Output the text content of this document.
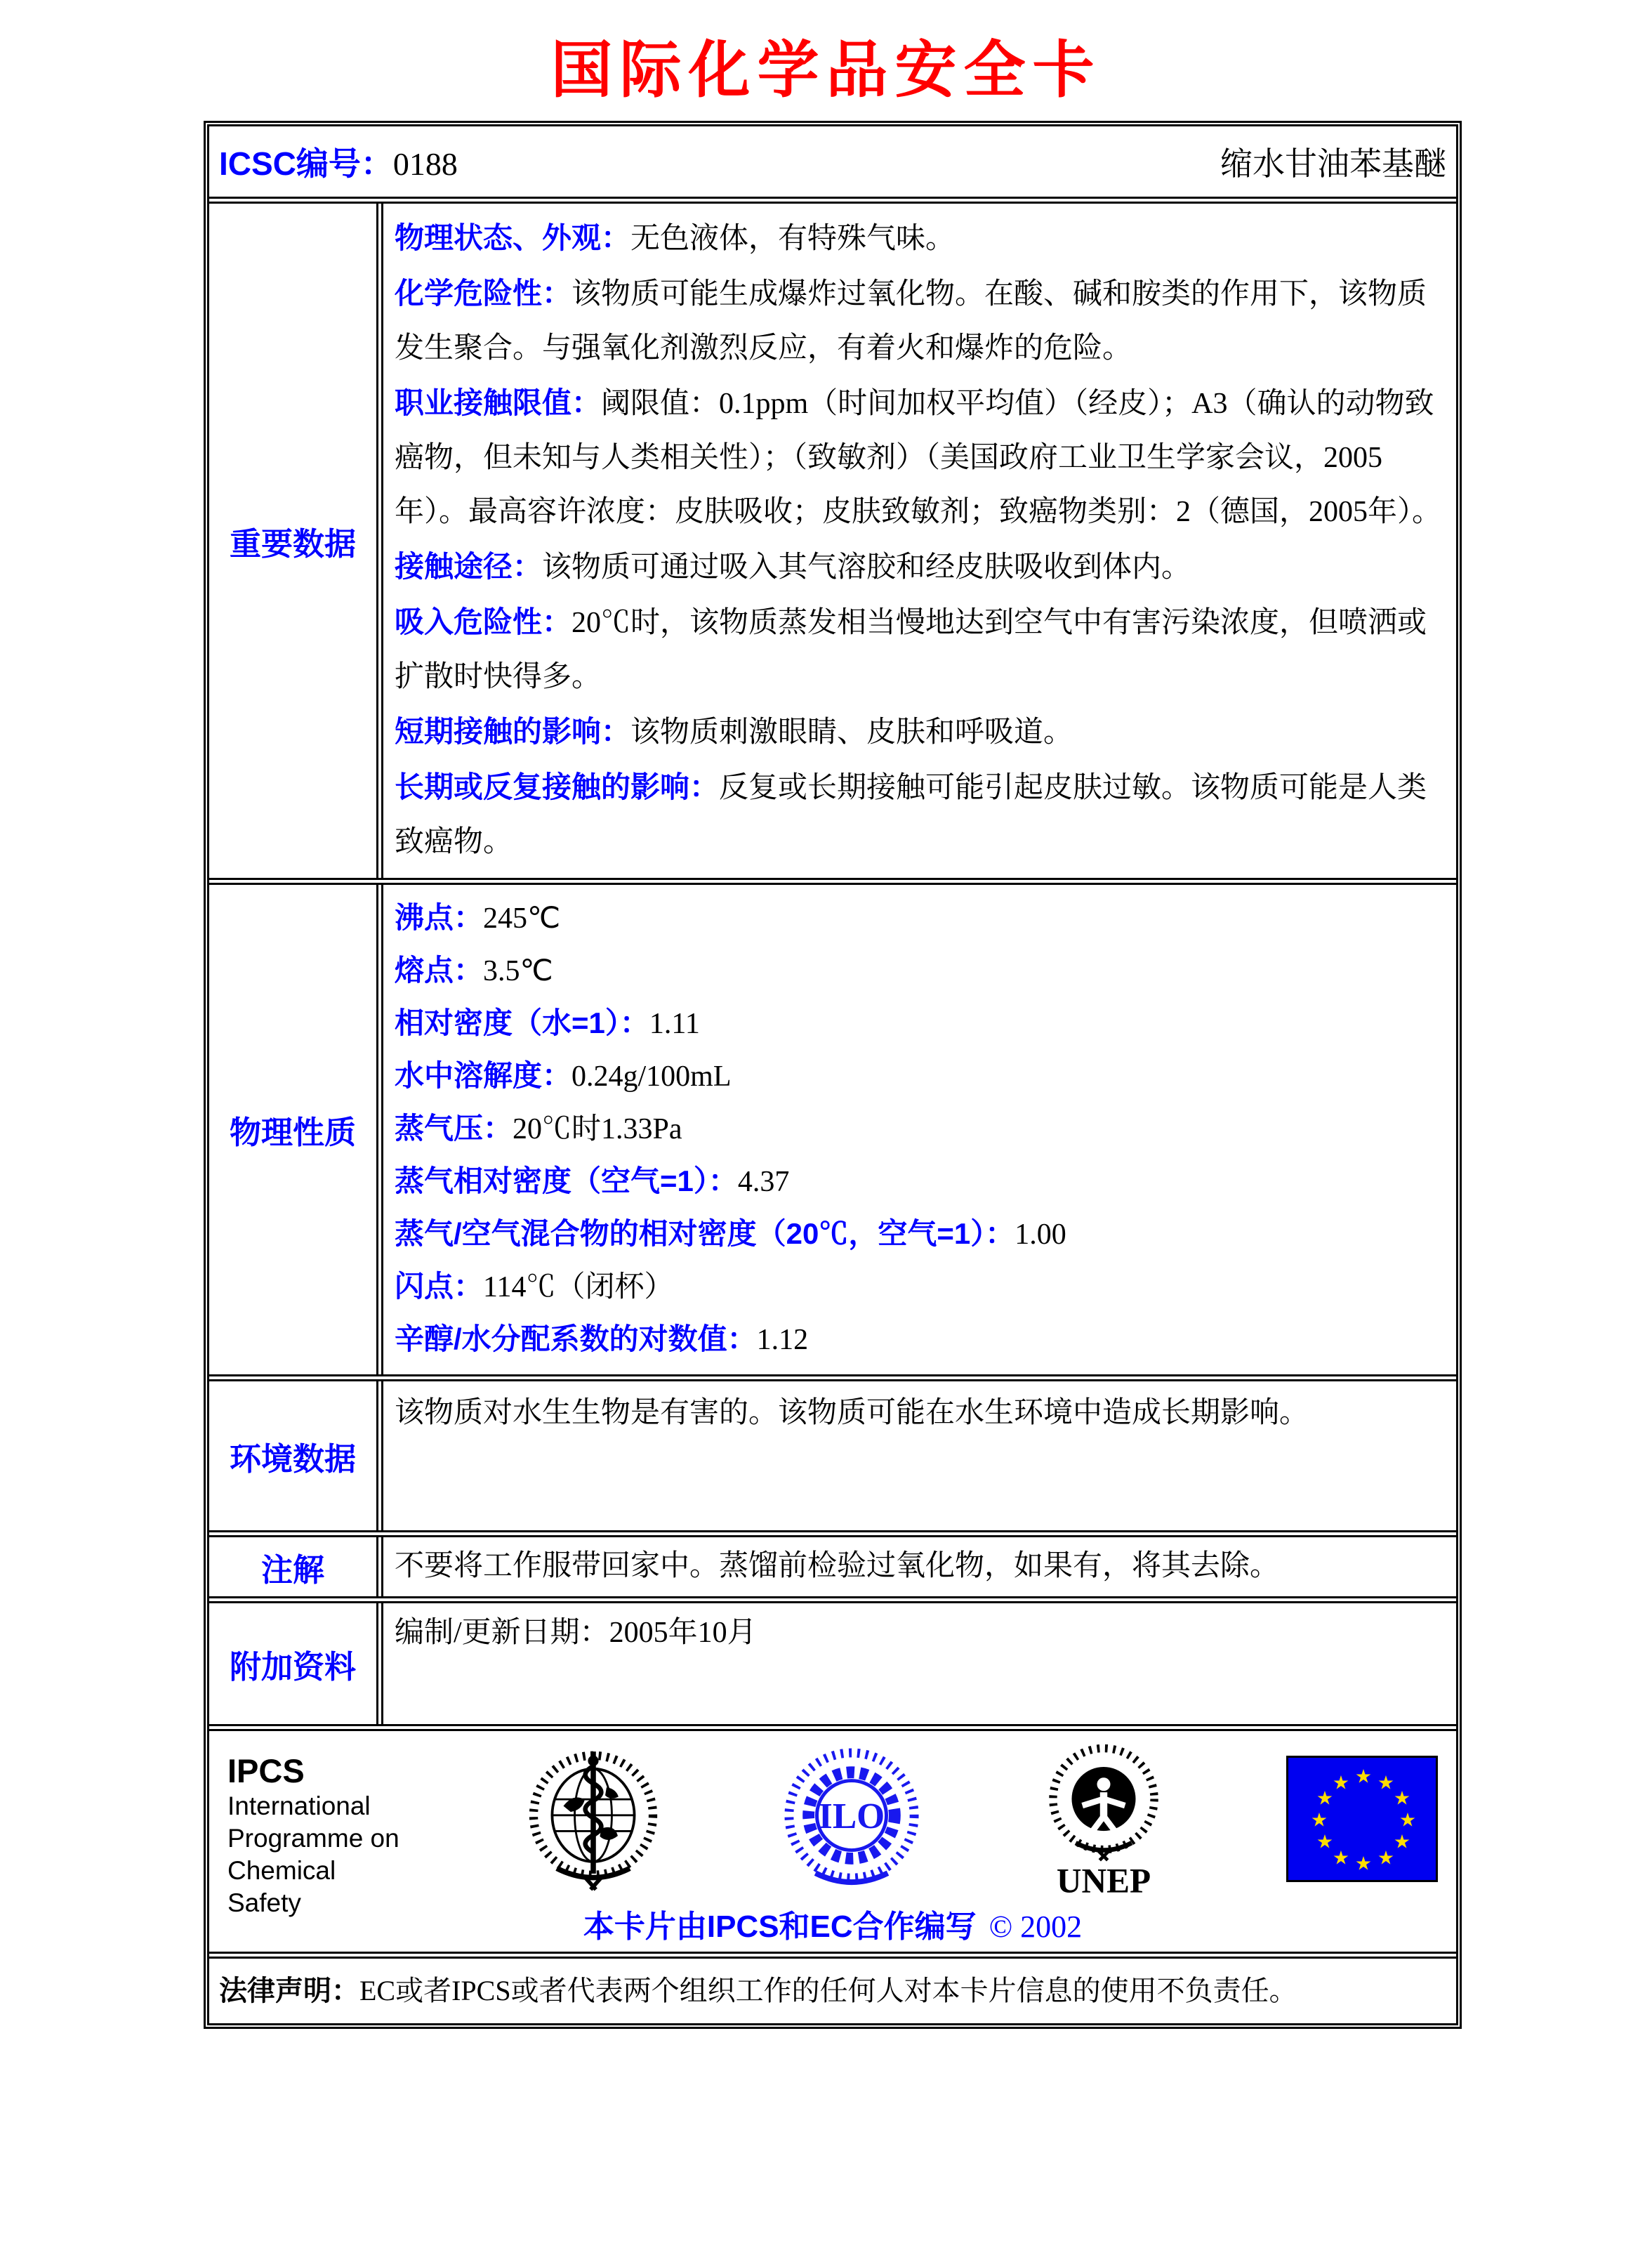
国际化学品安全卡
ICSC编号：0188	缩水甘油苯基醚
重要数据
物理状态、外观：无色液体，有特殊气味。
化学危险性：该物质可能生成爆炸过氧化物。在酸、碱和胺类的作用下，该物质发生聚合。与强氧化剂激烈反应，有着火和爆炸的危险。
职业接触限值：阈限值：0.1ppm（时间加权平均值）（经皮）；A3（确认的动物致癌物，但未知与人类相关性）；（致敏剂）（美国政府工业卫生学家会议，2005年）。最高容许浓度：皮肤吸收；皮肤致敏剂；致癌物类别：2（德国，2005年）。
接触途径：该物质可通过吸入其气溶胶和经皮肤吸收到体内。
吸入危险性：20℃时，该物质蒸发相当慢地达到空气中有害污染浓度，但喷洒或扩散时快得多。
短期接触的影响：该物质刺激眼睛、皮肤和呼吸道。
长期或反复接触的影响：反复或长期接触可能引起皮肤过敏。该物质可能是人类致癌物。
物理性质
沸点：245℃
熔点：3.5℃
相对密度（水=1）：1.11
水中溶解度：0.24g/100mL
蒸气压：20℃时1.33Pa
蒸气相对密度（空气=1）：4.37
蒸气/空气混合物的相对密度（20℃，空气=1）：1.00
闪点：114℃（闭杯）
辛醇/水分配系数的对数值：1.12
环境数据
该物质对水生生物是有害的。该物质可能在水生环境中造成长期影响。
注解	不要将工作服带回家中。蒸馏前检验过氧化物，如果有，将其去除。
附加资料
编制/更新日期：2005年10月
IPCS
International
Programme on
Chemical Safety
ILO
UNEP
★ ★
★
★
★
★
★
★
★
★
★
★
本卡片由IPCS和EC合作编写 © 2002
法律声明：EC或者IPCS或者代表两个组织工作的任何人对本卡片信息的使用不负责任。
